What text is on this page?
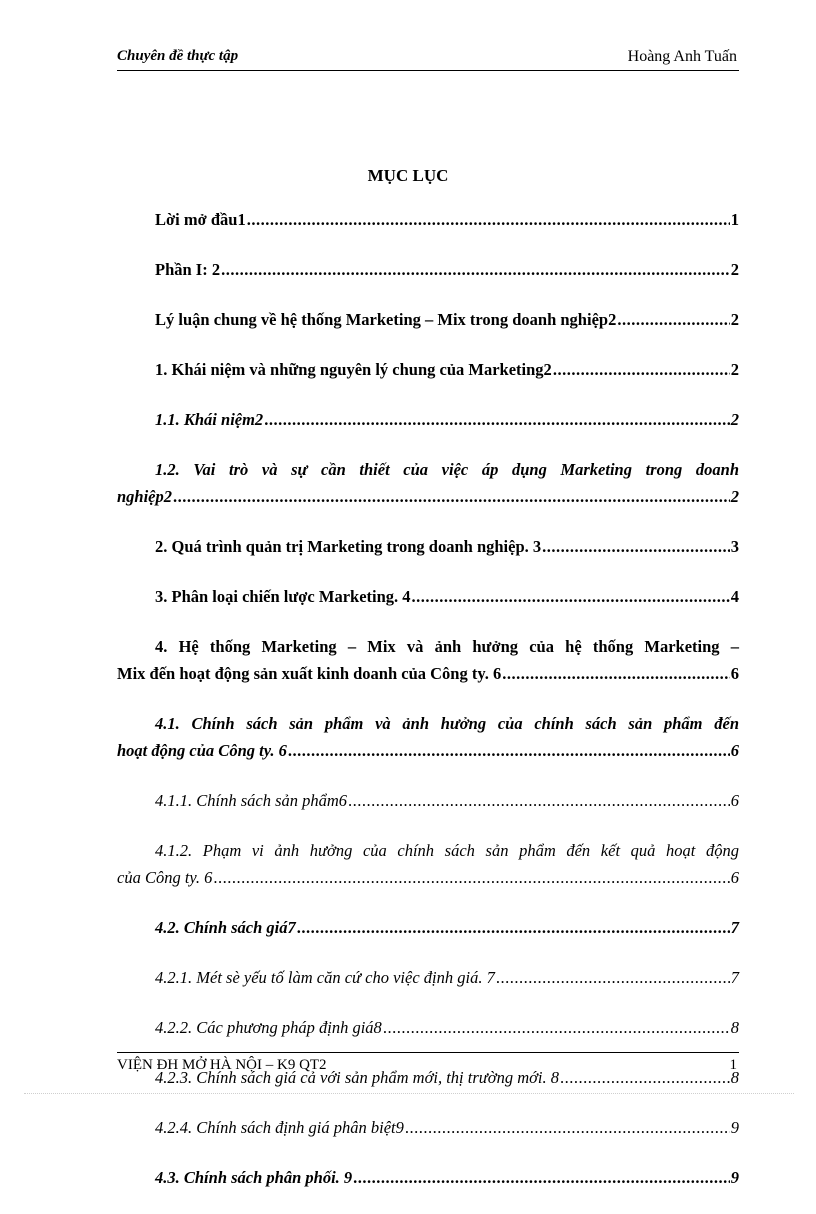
Chuyên đề thực tập	Hoàng Anh Tuấn
MỤC LỤC
Lời mở đầu1 .....	1
Phần I: 2 .....	2
Lý luận chung về hệ thống Marketing – Mix trong doanh nghiệp2 .....	2
1. Khái niệm và những nguyên lý chung của Marketing2 .....	2
1.1. Khái niệm2 .....	2
1.2. Vai trò và sự cần thiết của việc áp dụng Marketing trong doanh
nghiệp2 .....	2
2. Quá trình quản trị Marketing trong doanh nghiệp. 3 .....	3
3. Phân loại chiến lược Marketing. 4 .....	4
4. Hệ thống Marketing – Mix và ảnh hưởng của hệ thống Marketing –
Mix đến hoạt động sản xuất kinh doanh của Công ty. 6 .....	6
4.1. Chính sách sản phẩm và ảnh hưởng của chính sách sản phẩm đến
hoạt động của Công ty. 6 .....	6
4.1.1. Chính sách sản phẩm6 .....	6
4.1.2. Phạm vi ảnh hưởng của chính sách sản phẩm đến kết quả hoạt động
của Công ty. 6 .....	6
4.2. Chính sách giá7 .....	7
4.2.1. Mét sè yếu tố làm căn cứ cho việc định giá. 7 .....	7
4.2.2. Các phương pháp định giá8 .....	8
4.2.3. Chính sách giá cả với sản phẩm mới, thị trường mới. 8 .....	8
4.2.4. Chính sách định giá phân biệt9 .....	9
4.3. Chính sách phân phối. 9 .....	9
VIỆN ĐH MỞ HÀ NỘI – K9 QT2	1
